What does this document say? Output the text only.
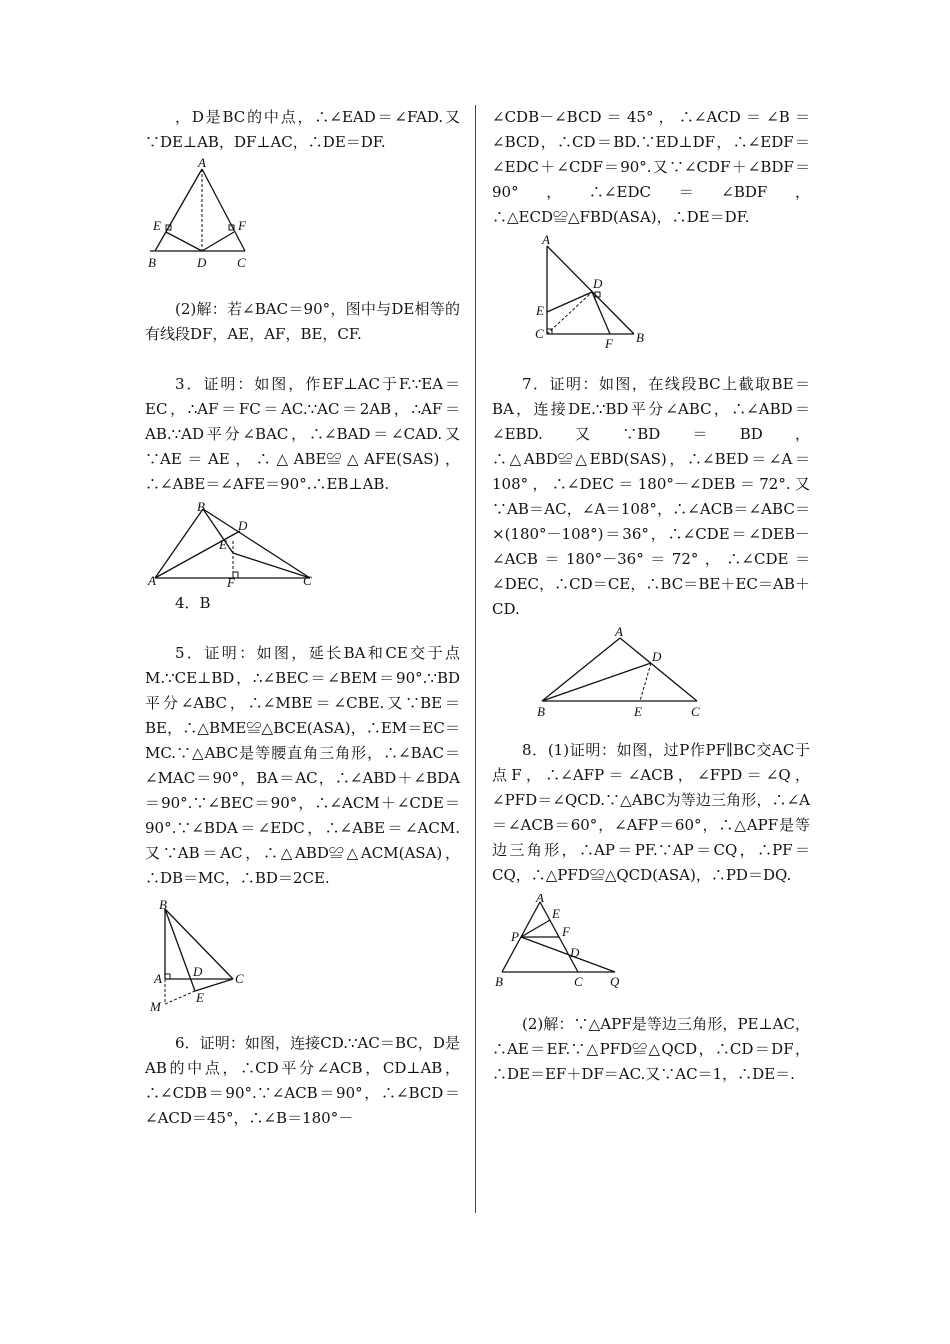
，D是BC的中点，∴∠EAD＝∠FAD.又∵DE⊥AB，DF⊥AC，∴DE＝DF.

A
E	F
B	D C

(2)解：若∠BAC＝90°，图中与DE相等的有线段DF，AE，AF，BE，CF.

3．证明：如图，作EF⊥AC于F.∵EA＝EC，∴AF＝FC＝AC.∵AC＝2AB，∴AF＝AB.∵AD平分∠BAC，∴∠BAD＝∠CAD.又∵AE＝AE，∴△ABE≌△AFE(SAS)，∴∠ABE＝∠AFE＝90°.∴EB⊥AB.

B
D
E
A	F	C

4．B

5．证明：如图，延长BA和CE交于点M.∵CE⊥BD，∴∠BEC＝∠BEM＝90°.∵BD平分∠ABC，∴∠MBE＝∠CBE.又∵BE＝BE，∴△BME≌△BCE(ASA)，∴EM＝EC＝MC.∵△ABC是等腰直角三角形，∴∠BAC＝∠MAC＝90°，BA＝AC，∴∠ABD＋∠BDA＝90°.∵∠BEC＝90°，∴∠ACM＋∠CDE＝90°.∵∠BDA＝∠EDC，∴∠ABE＝∠ACM.又∵AB＝AC，∴△ABD≌△ACM(ASA)，∴DB＝MC，∴BD＝2CE.

B
A D	C
E
M

6．证明：如图，连接CD.∵AC＝BC，D是AB的中点，∴CD平分∠ACB，CD⊥AB，∴∠CDB＝90°.∵∠ACB＝90°，∴∠BCD＝∠ACD＝45°，∴∠B＝180°－

∠CDB－∠BCD＝45°，∴∠ACD＝∠B＝∠BCD，∴CD＝BD.∵ED⊥DF，∴∠EDF＝∠EDC＋∠CDF＝90°.又∵∠CDF＋∠BDF＝90°，∴∠EDC＝∠BDF，∴△ECD≌△FBD(ASA)，∴DE＝DF.

A
D
E
C
F B

7．证明：如图，在线段BC上截取BE＝BA，连接DE.∵BD平分∠ABC，∴∠ABD＝∠EBD.又∵BD＝BD，∴△ABD≌△EBD(SAS)，∴∠BED＝∠A＝108°，∴∠DEC＝180°－∠DEB＝72°.又∵AB＝AC，∠A＝108°，∴∠ACB＝∠ABC＝×(180°－108°)＝36°，∴∠CDE＝∠DEB－∠ACB＝180°－36°＝72°，∴∠CDE＝∠DEC，∴CD＝CE，∴BC＝BE＋EC＝AB＋CD.

A
D
B	E	C

8．(1)证明：如图，过P作PF∥BC交AC于点F，∴∠AFP＝∠ACB，∠FPD＝∠Q，∠PFD＝∠QCD.∵△ABC为等边三角形，∴∠A＝∠ACB＝60°，∠AFP＝60°，∴△APF是等边三角形，∴AP＝PF.∵AP＝CQ，∴PF＝CQ，∴△PFD≌△QCD(ASA)，∴PD＝DQ.

A
E
P	F
D
B	C Q

(2)解：∵△APF是等边三角形，PE⊥AC，∴AE＝EF.∵△PFD≌△QCD，∴CD＝DF，∴DE＝EF＋DF＝AC.又∵AC＝1，∴DE＝.
